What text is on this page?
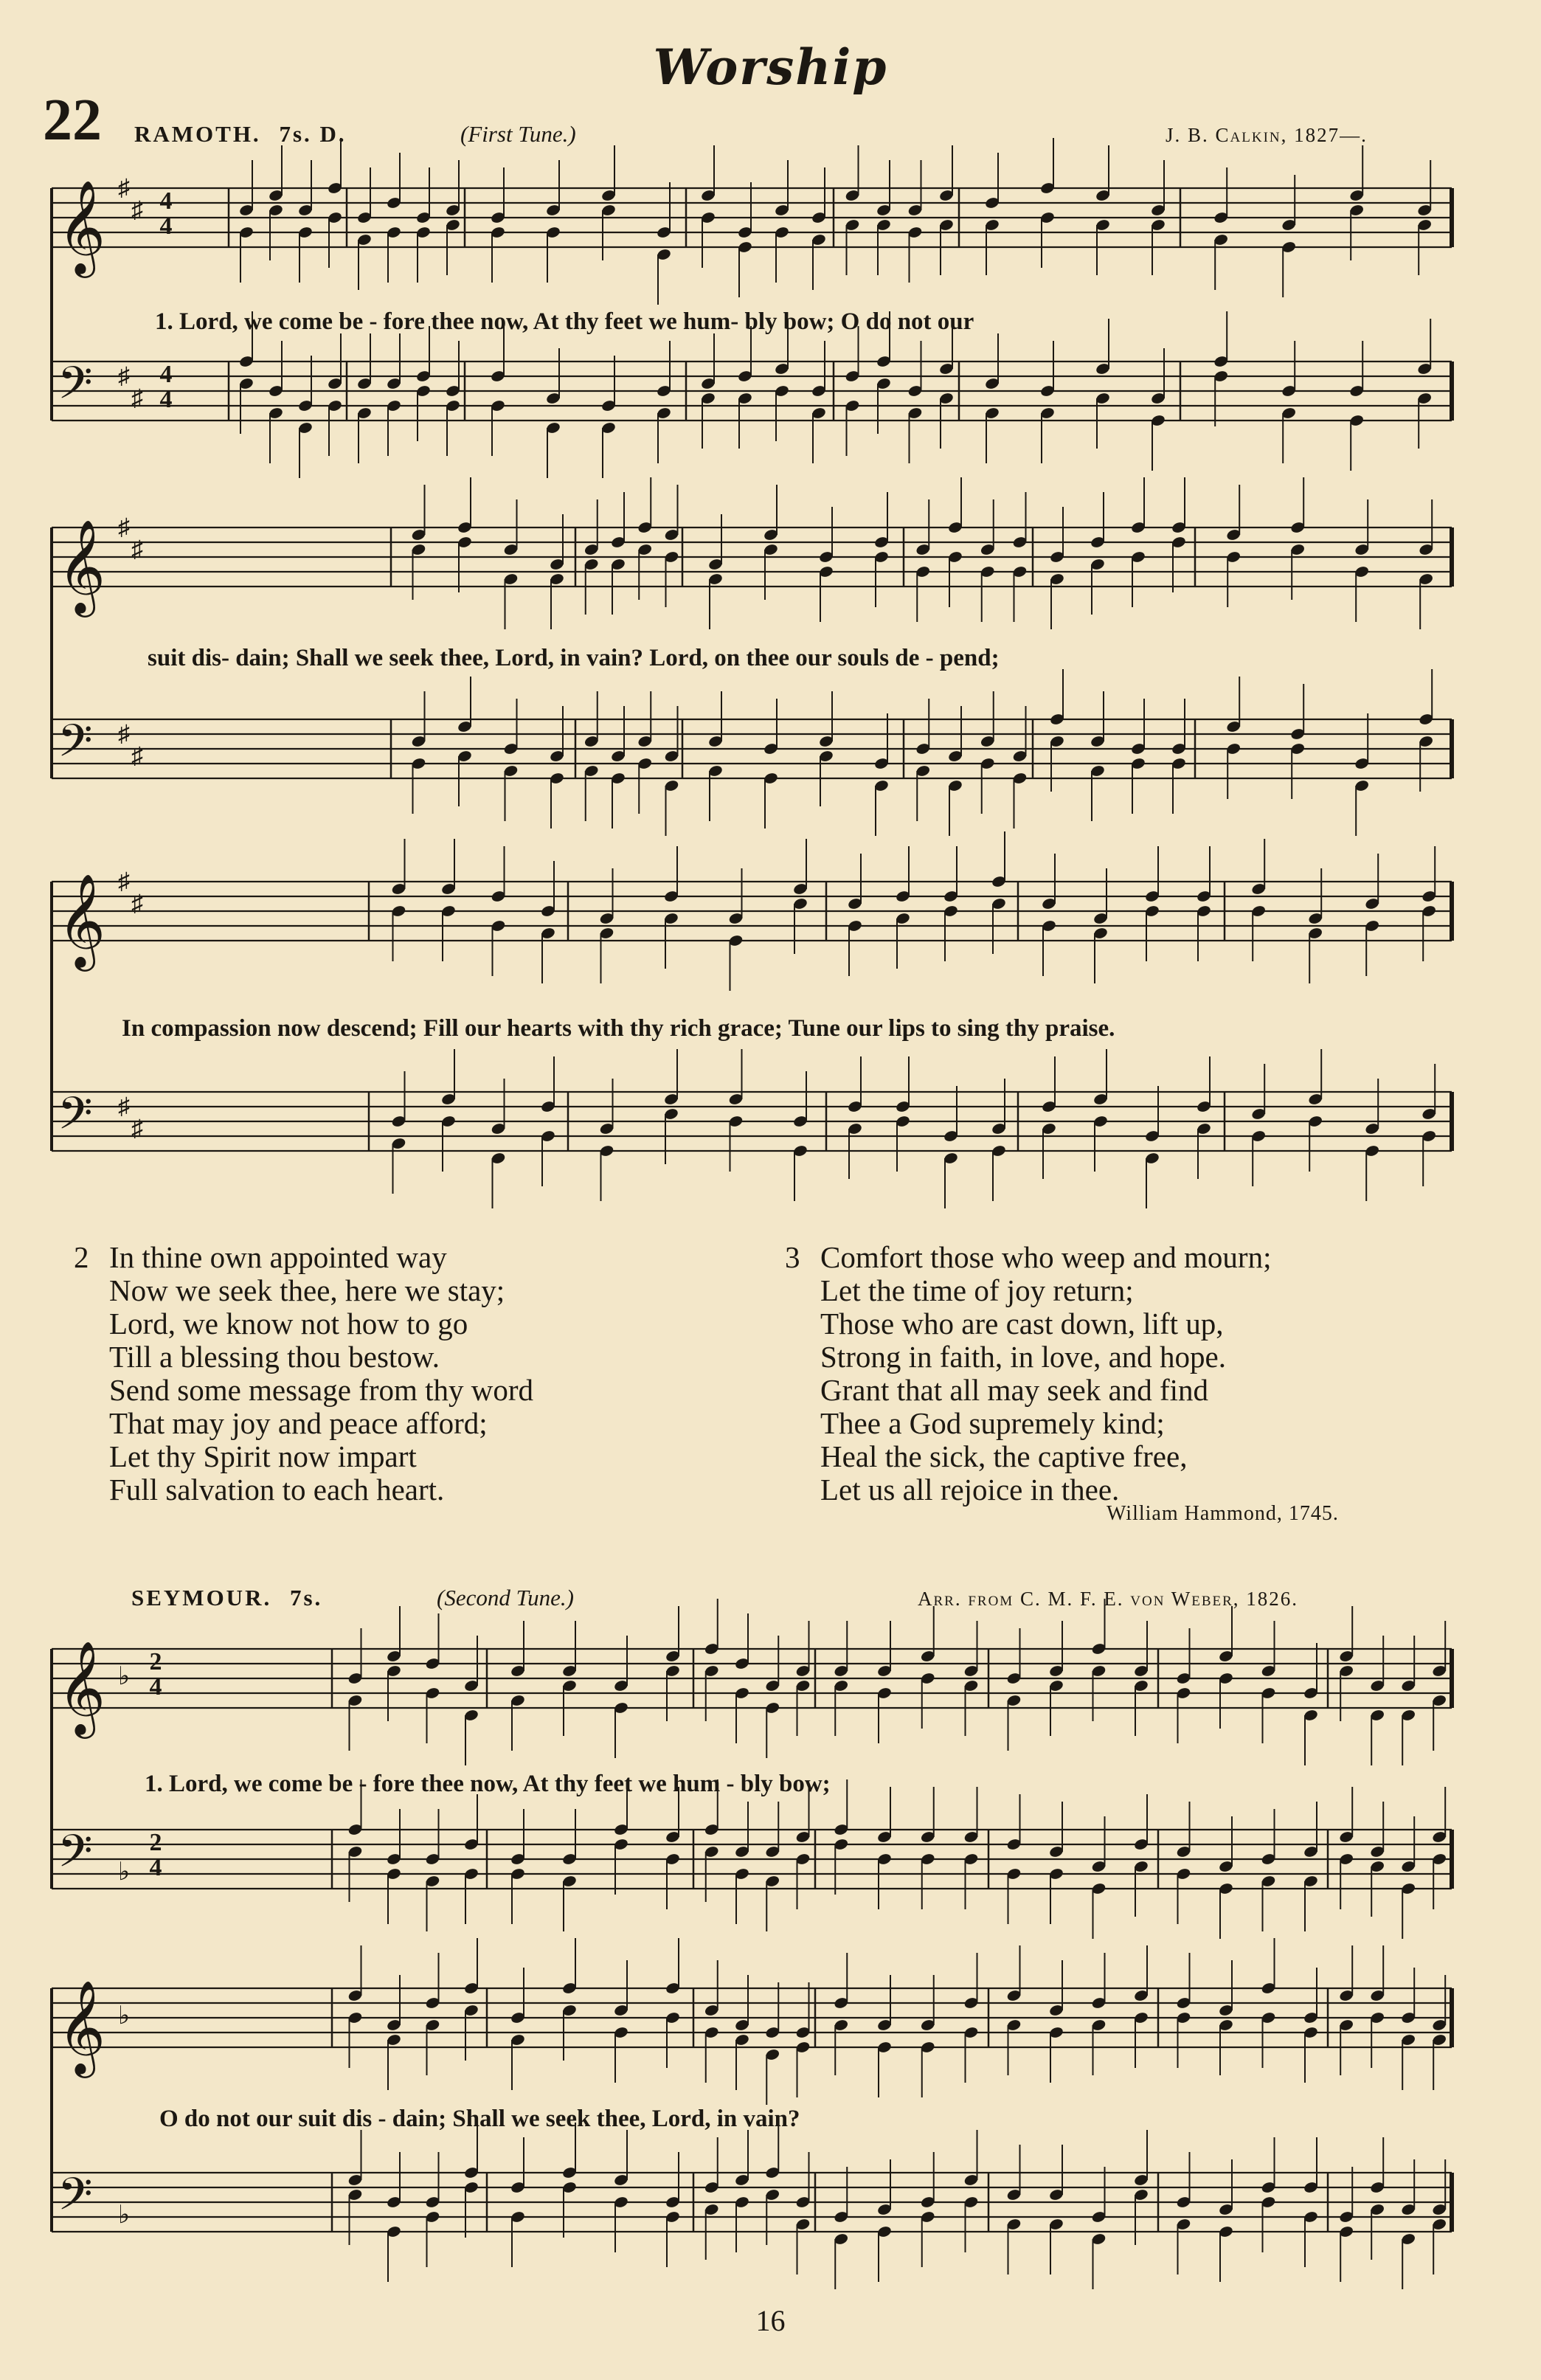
Worship
22 RAMOTH. 7s. D.	(First Tune.)	J. B. Calkin, 1827—.
𝄞 ♯
♯
𝄢 ♯
♯
𝄞 ♯
♯
𝄢 ♯
♯
𝄞 ♯
♯
𝄢 ♯
♯
4
4
4
4
1. Lord, we come be - fore thee now, At thy feet we hum- bly bow; O do not our
suit dis- dain; Shall we seek thee, Lord, in vain? Lord, on thee our souls de - pend;
In compassion now descend; Fill our hearts with thy rich grace; Tune our lips to sing thy praise.
2 In thine own appointed way
Now we seek thee, here we stay;
Lord, we know not how to go
Till a blessing thou bestow.
Send some message from thy word
That may joy and peace afford;
Let thy Spirit now impart
Full salvation to each heart.
3 Comfort those who weep and mourn;
Let the time of joy return;
Those who are cast down, lift up,
Strong in faith, in love, and hope.
Grant that all may seek and find
Thee a God supremely kind;
Heal the sick, the captive free,
Let us all rejoice in thee.
William Hammond, 1745.
SEYMOUR. 7s.	(Second Tune.)	Arr. from C. M. F. E. von Weber, 1826.
𝄞 ♭
𝄢 ♭
𝄞 ♭
𝄢 ♭
2
4
2
4
1. Lord, we come be - fore thee now, At thy feet we hum - bly bow;
O do not our suit dis - dain; Shall we seek thee, Lord, in vain?
16
